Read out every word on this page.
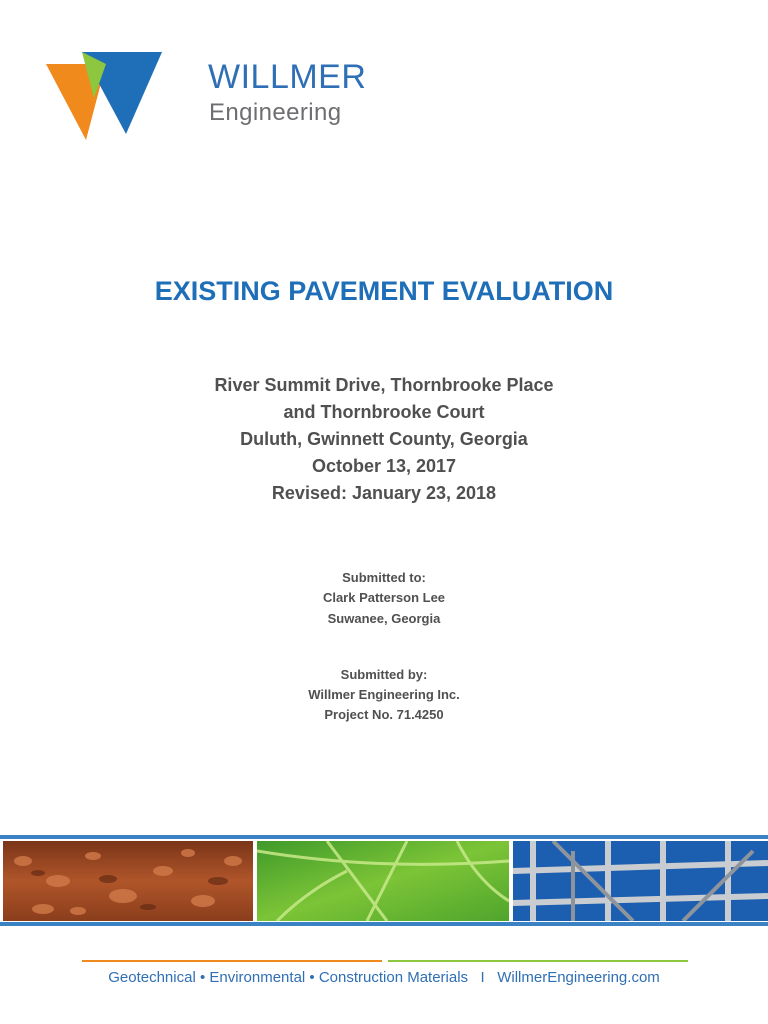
WILLMER
Engineering
EXISTING PAVEMENT EVALUATION
River Summit Drive, Thornbrooke Place
and Thornbrooke Court
Duluth, Gwinnett County, Georgia
October 13, 2017
Revised: January 23, 2018
Submitted to:
Clark Patterson Lee
Suwanee, Georgia
Submitted by:
Willmer Engineering Inc.
Project No. 71.4250
Geotechnical • Environmental • Construction Materials   I   WillmerEngineering.com
